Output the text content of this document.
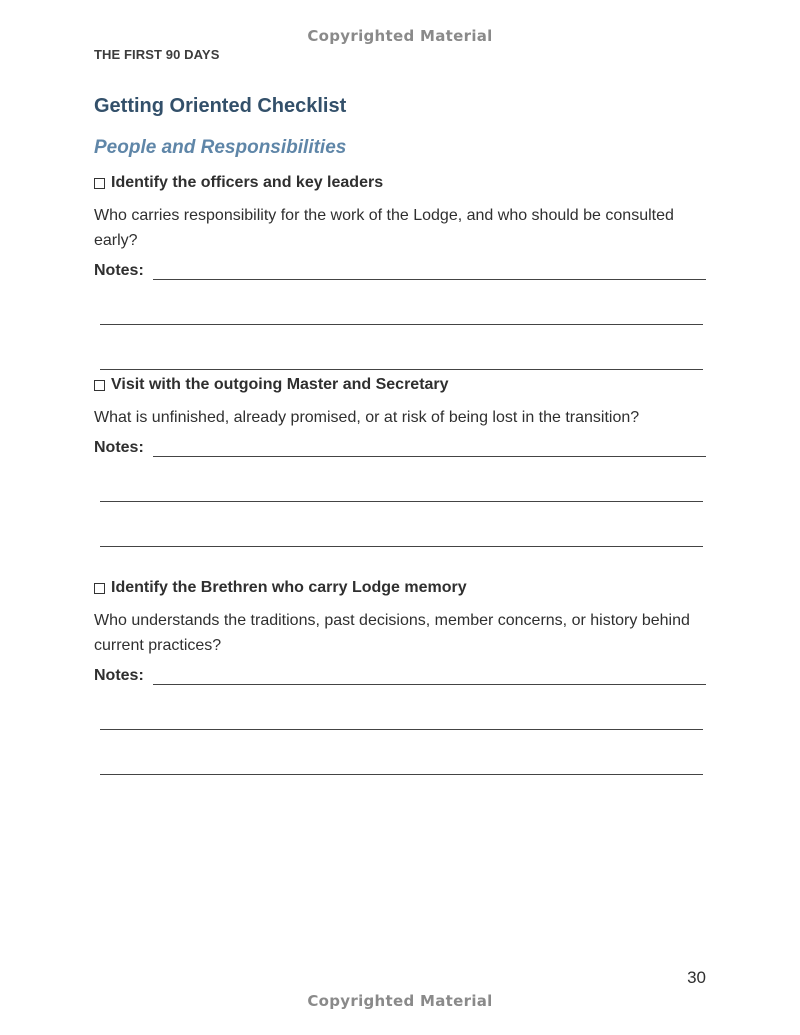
Copyrighted Material
THE FIRST 90 DAYS
Getting Oriented Checklist
People and Responsibilities
Identify the officers and key leaders
Who carries responsibility for the work of the Lodge, and who should be consulted early?
Notes:
Visit with the outgoing Master and Secretary
What is unfinished, already promised, or at risk of being lost in the transition?
Notes:
Identify the Brethren who carry Lodge memory
Who understands the traditions, past decisions, member concerns, or history behind current practices?
Notes:
30
Copyrighted Material
